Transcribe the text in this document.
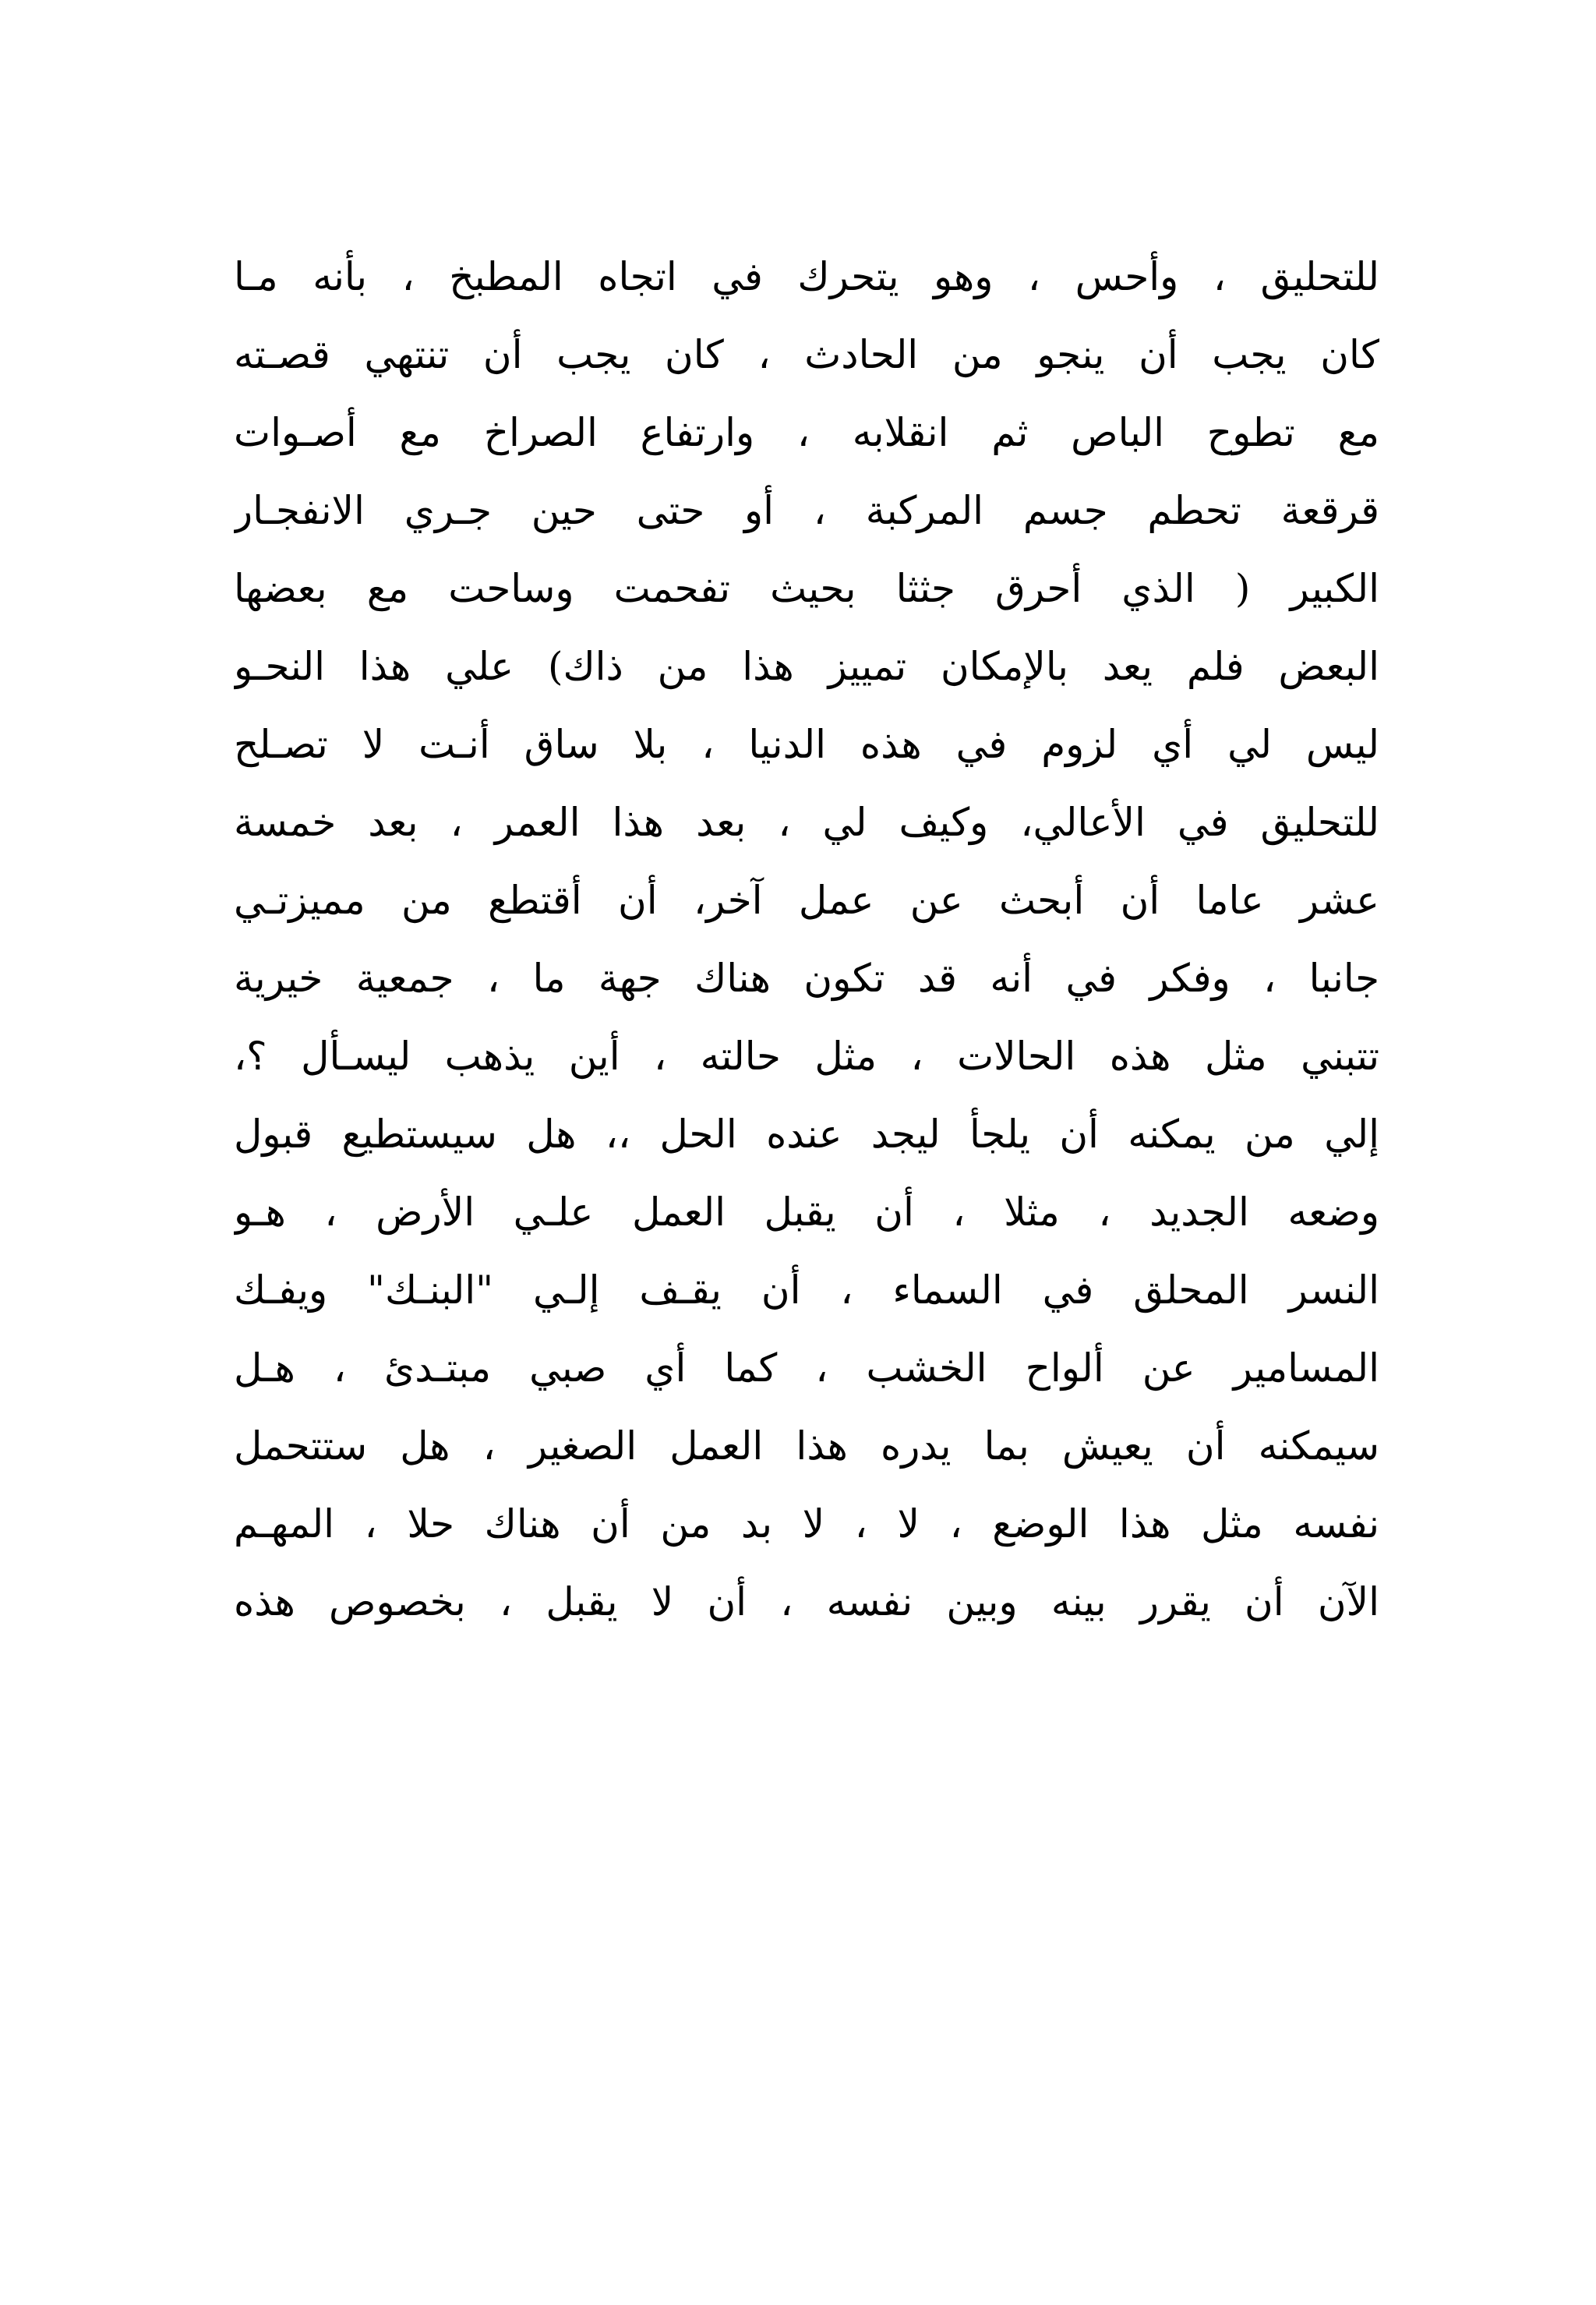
للتحليق ، وأحس ، وهو يتحرك في اتجاه المطبخ ، بأنه مـا
كان يجب أن ينجو من الحادث ، كان يجب أن تنتهي قصـته
مع تطوح الباص ثم انقلابه ، وارتفاع الصراخ مع أصـوات
قرقعة تحطم جسم المركبة ، أو حتى حين جـري الانفجـار
الكبير ( الذي أحرق جثثا بحيث تفحمت وساحت مع بعضها
البعض فلم يعد بالإمكان تمييز هذا من ذاك) علي هذا النحـو
ليس لي أي لزوم في هذه الدنيا ، بلا ساق أنـت لا تصـلح
للتحليق في الأعالي، وكيف لي ، بعد هذا العمر ، بعد خمسة
عشر عاما أن أبحث عن عمل آخر، أن أقتطع من مميزتـي
جانبا ، وفكر في أنه قد تكون هناك جهة ما ، جمعية خيرية
تتبني مثل هذه الحالات ، مثل حالته ، أين يذهب ليسـأل ؟،
إلي من يمكنه أن يلجأ ليجد عنده الحل ،، هل سيستطيع قبول
وضعه الجديد ، مثلا ، أن يقبل العمل علـي الأرض ، هـو
النسر المحلق في السماء ، أن يقـف إلـي "البنـك" ويفـك
المسامير عن ألواح الخشب ، كما أي صبي مبتـدئ ، هـل
سيمكنه أن يعيش بما يدره هذا العمل الصغير ، هل ستتحمل
نفسه مثل هذا الوضع ، لا ، لا بد من أن هناك حلا ، المهـم
الآن أن يقرر بينه وبين نفسه ، أن لا يقبل ، بخصوص هذه
